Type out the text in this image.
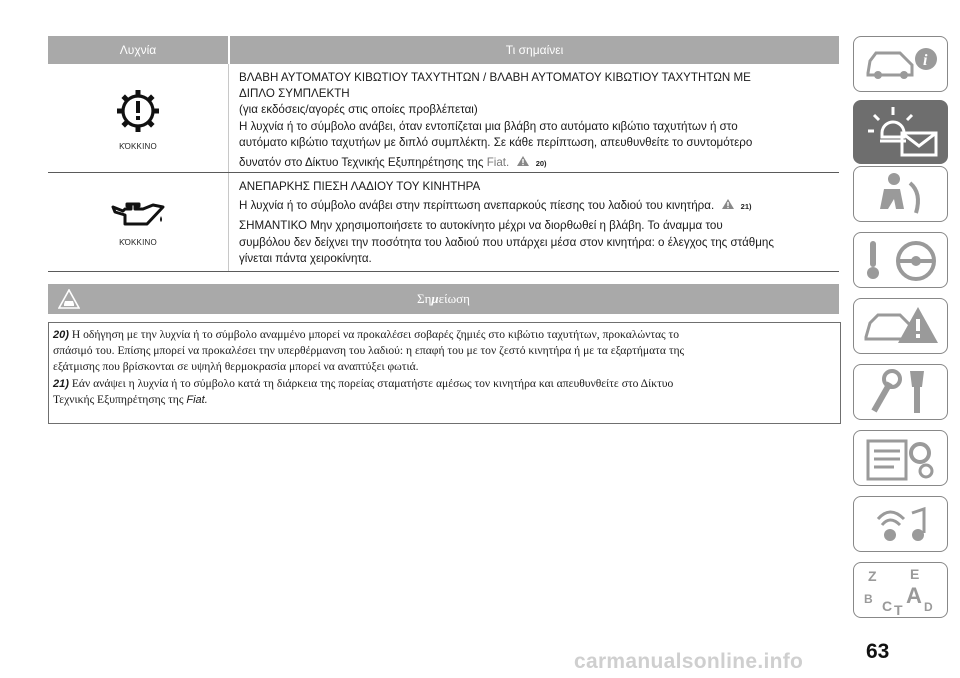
Λυχνία	Τι σημαίνει
ΚΌΚΚΙΝΟ
ΒΛΑΒΗ ΑΥΤΟΜΑΤΟΥ ΚΙΒΩΤΙΟΥ ΤΑΧΥΤΗΤΩΝ / ΒΛΑΒΗ ΑΥΤΟΜΑΤΟΥ ΚΙΒΩΤΙΟΥ ΤΑΧΥΤΗΤΩΝ ΜΕ
ΔΙΠΛΟ ΣΥΜΠΛΕΚΤΗ
(για εκδόσεις/αγορές στις οποίες προβλέπεται)
Η λυχνία ή το σύμβολο ανάβει, όταν εντοπίζεται μια βλάβη στο αυτόματο κιβώτιο ταχυτήτων ή στο
αυτόματο κιβώτιο ταχυτήων με διπλό συμπλέκτη. Σε κάθε περίπτωση, απευθυνθείτε το συντομότερο
δυνατόν στο Δίκτυο Τεχνικής Εξυπηρέτησης της Fiat.	20)
ΚΌΚΚΙΝΟ
ΑΝΕΠΑΡΚΗΣ ΠΙΕΣΗ ΛΑΔΙΟΥ ΤΟΥ ΚΙΝΗΤΗΡΑ
Η λυχνία ή το σύμβολο ανάβει στην περίπτωση ανεπαρκούς πίεσης του λαδιού του κινητήρα.	21)
ΣΗΜΑΝΤΙΚΟ Μην χρησιμοποιήσετε το αυτοκίνητο μέχρι να διορθωθεί η βλάβη. Το άναμμα του
συμβόλου δεν δείχνει την ποσότητα του λαδιού που υπάρχει μέσα στον κινητήρα: ο έλεγχος της στάθμης
γίνεται πάντα χειροκίνητα.
Ση μ είωση
20) Η οδήγηση με την λυχνία ή το σύμβολο αναμμένο μπορεί να προκαλέσει σοβαρές ζημιές στο κιβώτιο ταχυτήτων, προκαλώντας το
σπάσιμό του. Επίσης μπορεί να προκαλέσει την υπερθέρμανση του λαδιού: η επαφή του με τον ζεστό κινητήρα ή με τα εξαρτήματα της
εξάτμισης που βρίσκονται σε υψηλή θερμοκρασία μπορεί να αναπτύξει φωτιά.
21) Εάν ανάψει η λυχνία ή το σύμβολο κατά τη διάρκεια της πορείας σταματήστε αμέσως τον κινητήρα και απευθυνθείτε στο Δίκτυο
Τεχνικής Εξυπηρέτησης της Fiat.
i
Z E
B A
C T D
carmanualsonline.info	63
